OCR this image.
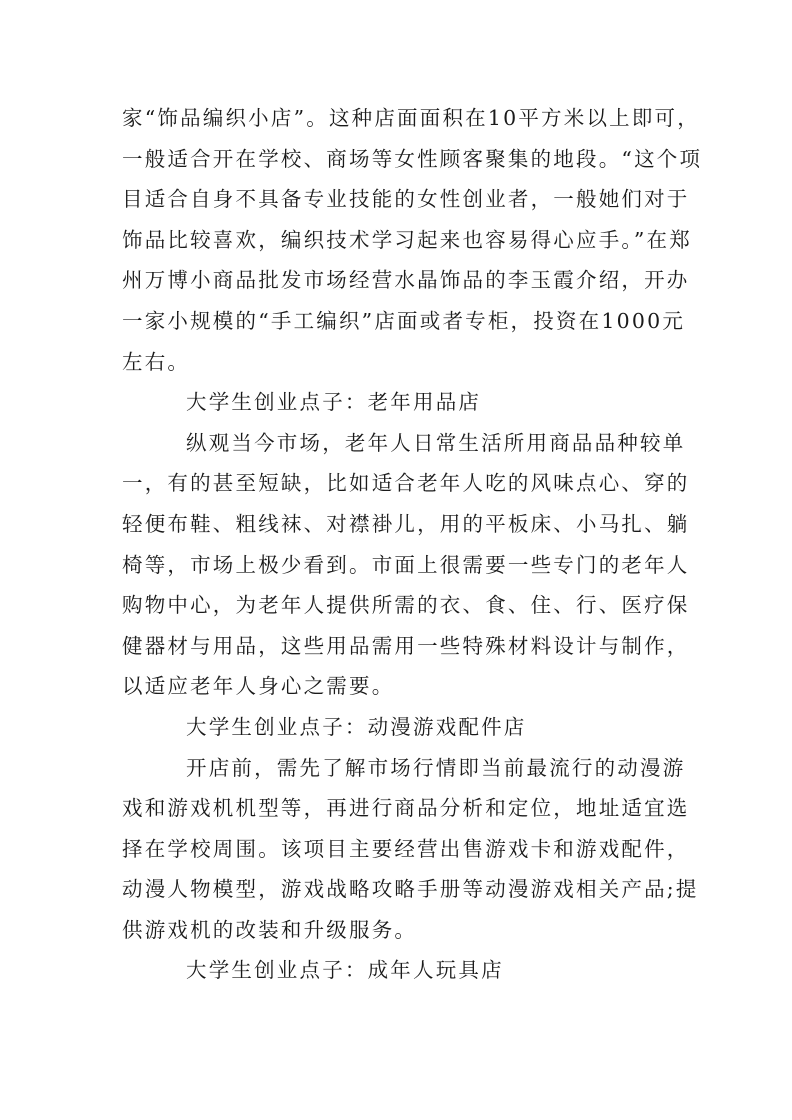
家“饰品编织小店”。这种店面面积在10平方米以上即可，
一般适合开在学校、商场等女性顾客聚集的地段。“这个项
目适合自身不具备专业技能的女性创业者，一般她们对于
饰品比较喜欢，编织技术学习起来也容易得心应手。”在郑
州万博小商品批发市场经营水晶饰品的李玉霞介绍，开办
一家小规模的“手工编织”店面或者专柜，投资在1000元
左右。
大学生创业点子：老年用品店
纵观当今市场，老年人日常生活所用商品品种较单
一，有的甚至短缺，比如适合老年人吃的风味点心、穿的
轻便布鞋、粗线袜、对襟褂儿，用的平板床、小马扎、躺
椅等，市场上极少看到。市面上很需要一些专门的老年人
购物中心，为老年人提供所需的衣、食、住、行、医疗保
健器材与用品，这些用品需用一些特殊材料设计与制作，
以适应老年人身心之需要。
大学生创业点子：动漫游戏配件店
开店前，需先了解市场行情即当前最流行的动漫游
戏和游戏机机型等，再进行商品分析和定位，地址适宜选
择在学校周围。该项目主要经营出售游戏卡和游戏配件，
动漫人物模型，游戏战略攻略手册等动漫游戏相关产品;提
供游戏机的改装和升级服务。
大学生创业点子：成年人玩具店
